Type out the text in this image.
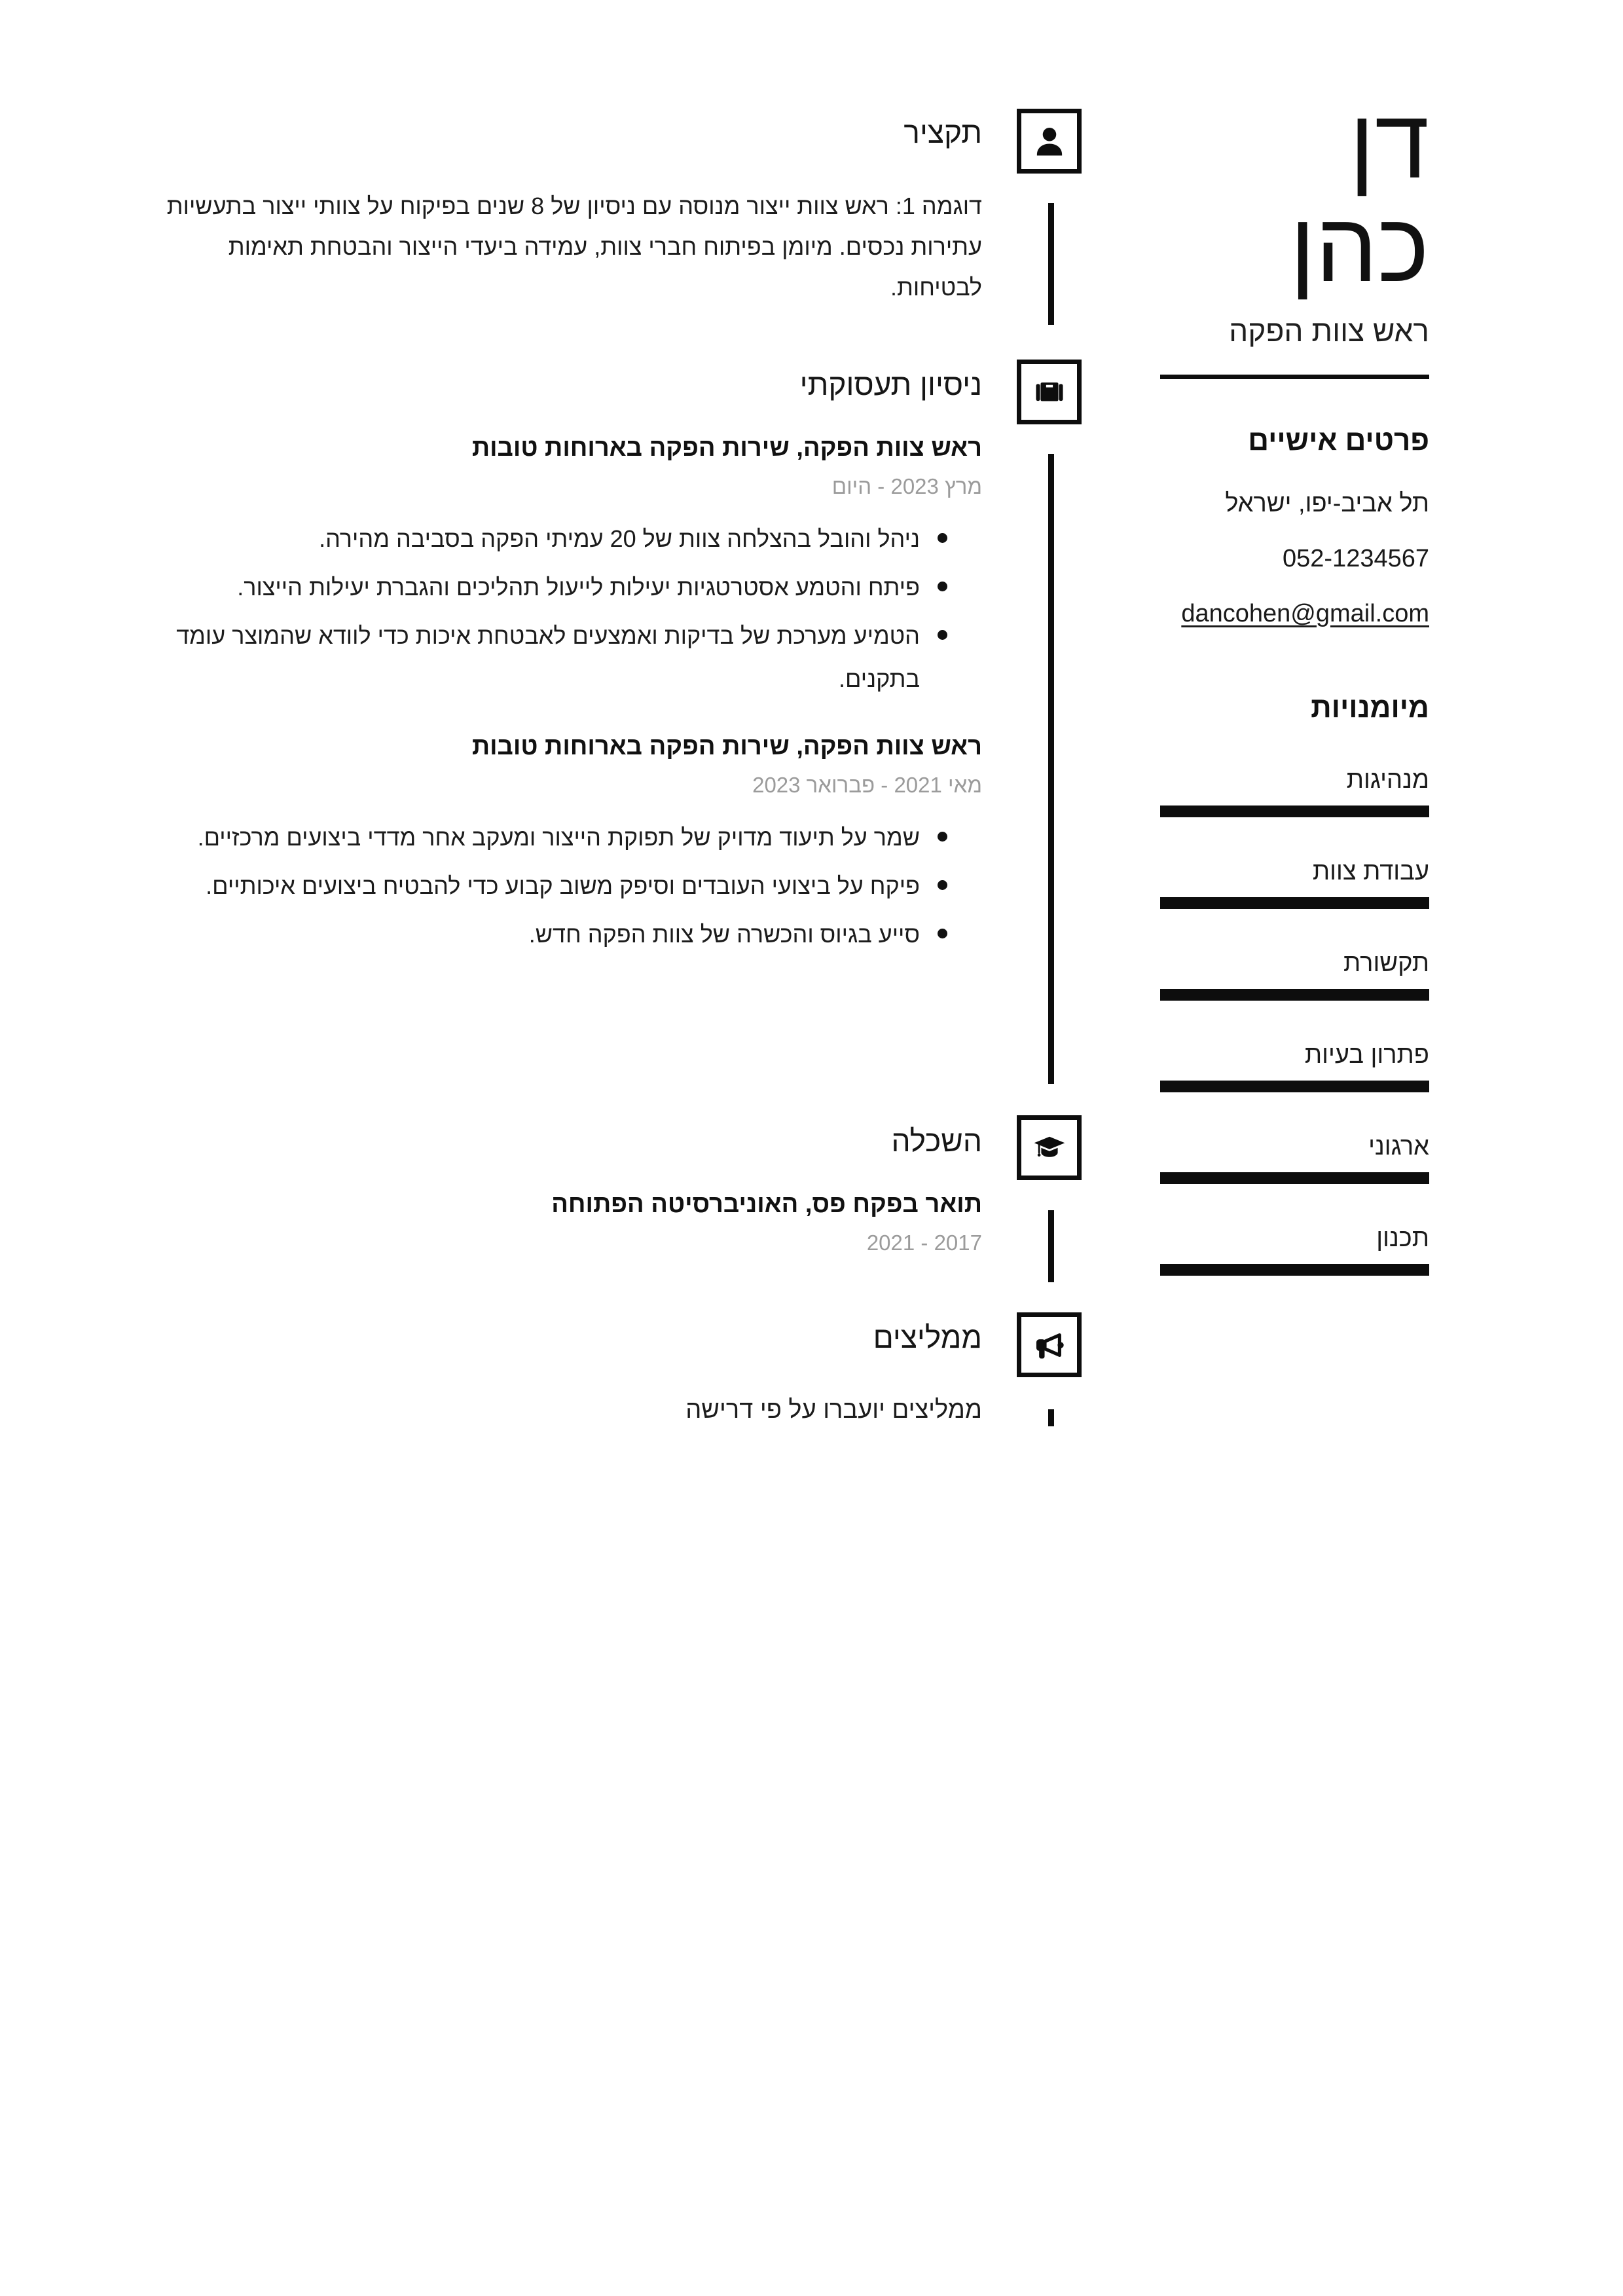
דן
כהן
ראש צוות הפקה
פרטים אישיים
תל אביב-יפו, ישראל
052-1234567
dancohen@gmail.com
מיומנויות
מנהיגות
עבודת צוות
תקשורת
פתרון בעיות
ארגוני
תכנון
תקציר

דוגמה 1: ראש צוות ייצור מנוסה עם ניסיון של 8 שנים בפיקוח על צוותי ייצור בתעשיות עתירות נכסים. מיומן בפיתוח חברי צוות, עמידה ביעדי הייצור והבטחת תאימות לבטיחות.

ניסיון תעסוקתי
ראש צוות הפקה, שירות הפקה בארוחות טובות
מרץ 2023 - היום
ניהל והובל בהצלחה צוות של 20 עמיתי הפקה בסביבה מהירה.
פיתח והטמע אסטרטגיות יעילות לייעול תהליכים והגברת יעילות הייצור.
הטמיע מערכת של בדיקות ואמצעים לאבטחת איכות כדי לוודא שהמוצר עומד בתקנים.
ראש צוות הפקה, שירות הפקה בארוחות טובות
מאי 2021 - פברואר 2023
שמר על תיעוד מדויק של תפוקת הייצור ומעקב אחר מדדי ביצועים מרכזיים.
פיקח על ביצועי העובדים וסיפק משוב קבוע כדי להבטיח ביצועים איכותיים.
סייע בגיוס והכשרה של צוות הפקה חדש.
השכלה
תואר בפקח פס, האוניברסיטה הפתוחה
2017 - 2021
ממליצים
ממליצים יועברו על פי דרישה
